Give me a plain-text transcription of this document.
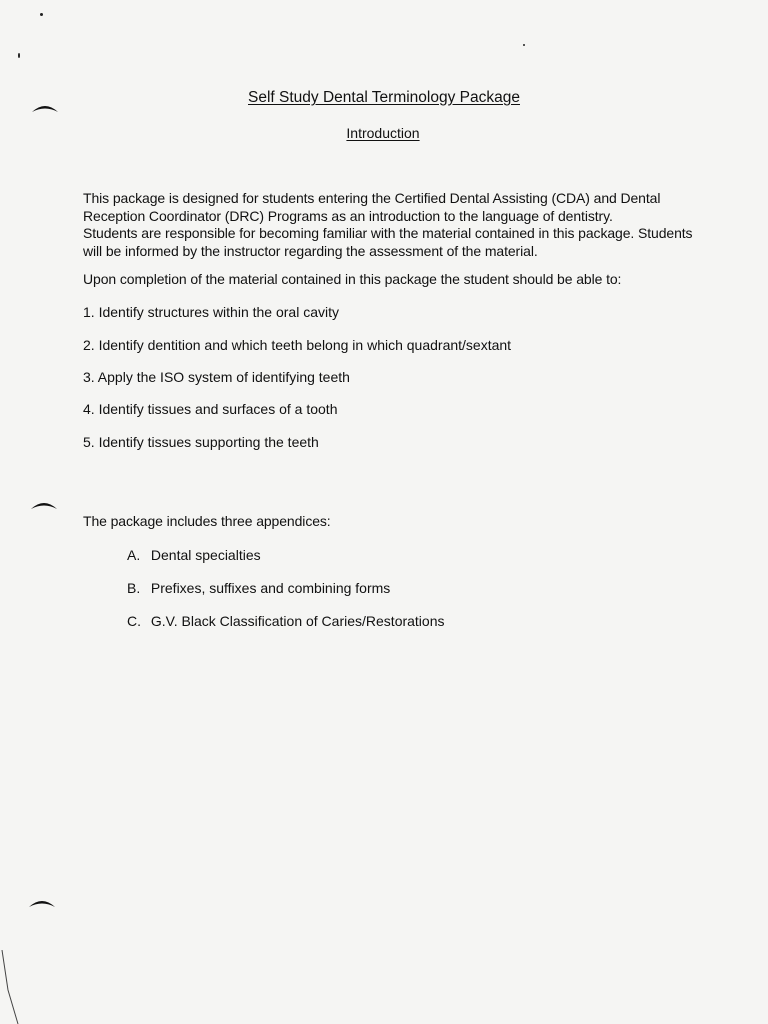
Self Study Dental Terminology Package
Introduction
This package is designed for students entering the Certified Dental Assisting (CDA) and Dental
Reception Coordinator (DRC) Programs as an introduction to the language of dentistry.
Students are responsible for becoming familiar with the material contained in this package. Students
will be informed by the instructor regarding the assessment of the material.
Upon completion of the material contained in this package the student should be able to:
1. Identify structures within the oral cavity
2. Identify dentition and which teeth belong in which quadrant/sextant
3. Apply the ISO system of identifying teeth
4. Identify tissues and surfaces of a tooth
5. Identify tissues supporting the teeth
The package includes three appendices:
A. Dental specialties
B. Prefixes, suffixes and combining forms
C. G.V. Black Classification of Caries/Restorations
